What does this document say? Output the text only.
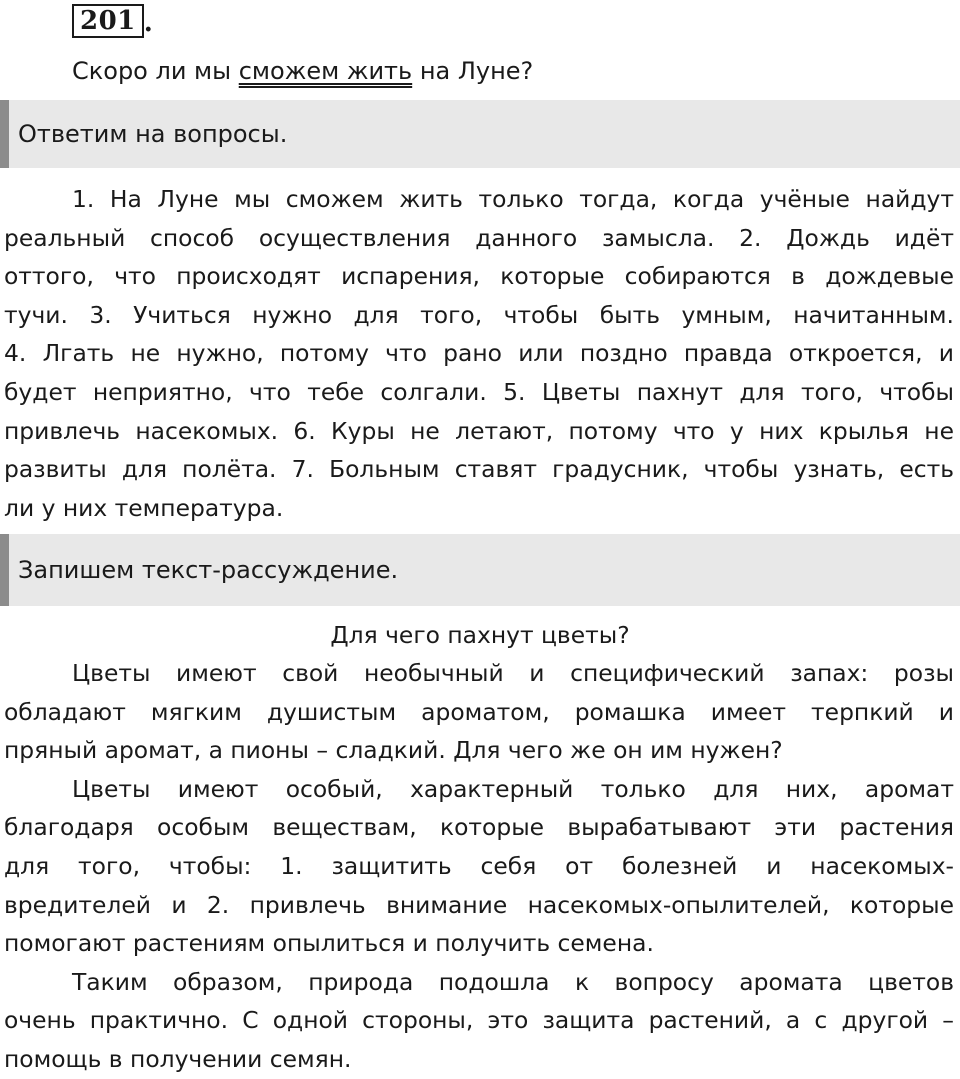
201 .
Скоро ли мы сможем жить на Луне?
Ответим на вопросы.
1. На Луне мы сможем жить только тогда, когда учёные найдут
реальный способ осуществления данного замысла. 2. Дождь идёт
оттого, что происходят испарения, которые собираются в дождевые
тучи. 3. Учиться нужно для того, чтобы быть умным, начитанным.
4. Лгать не нужно, потому что рано или поздно правда откроется, и
будет неприятно, что тебе солгали. 5. Цветы пахнут для того, чтобы
привлечь насекомых. 6. Куры не летают, потому что у них крылья не
развиты для полёта. 7. Больным ставят градусник, чтобы узнать, есть
ли у них температура.
Запишем текст-рассуждение.
Для чего пахнут цветы?
Цветы имеют свой необычный и специфический запах: розы
обладают мягким душистым ароматом, ромашка имеет терпкий и
пряный аромат, а пионы – сладкий. Для чего же он им нужен?
Цветы имеют особый, характерный только для них, аромат
благодаря особым веществам, которые вырабатывают эти растения
для того, чтобы: 1. защитить себя от болезней и насекомых-
вредителей и 2. привлечь внимание насекомых-опылителей, которые
помогают растениям опылиться и получить семена.
Таким образом, природа подошла к вопросу аромата цветов
очень практично. С одной стороны, это защита растений, а с другой –
помощь в получении семян.
